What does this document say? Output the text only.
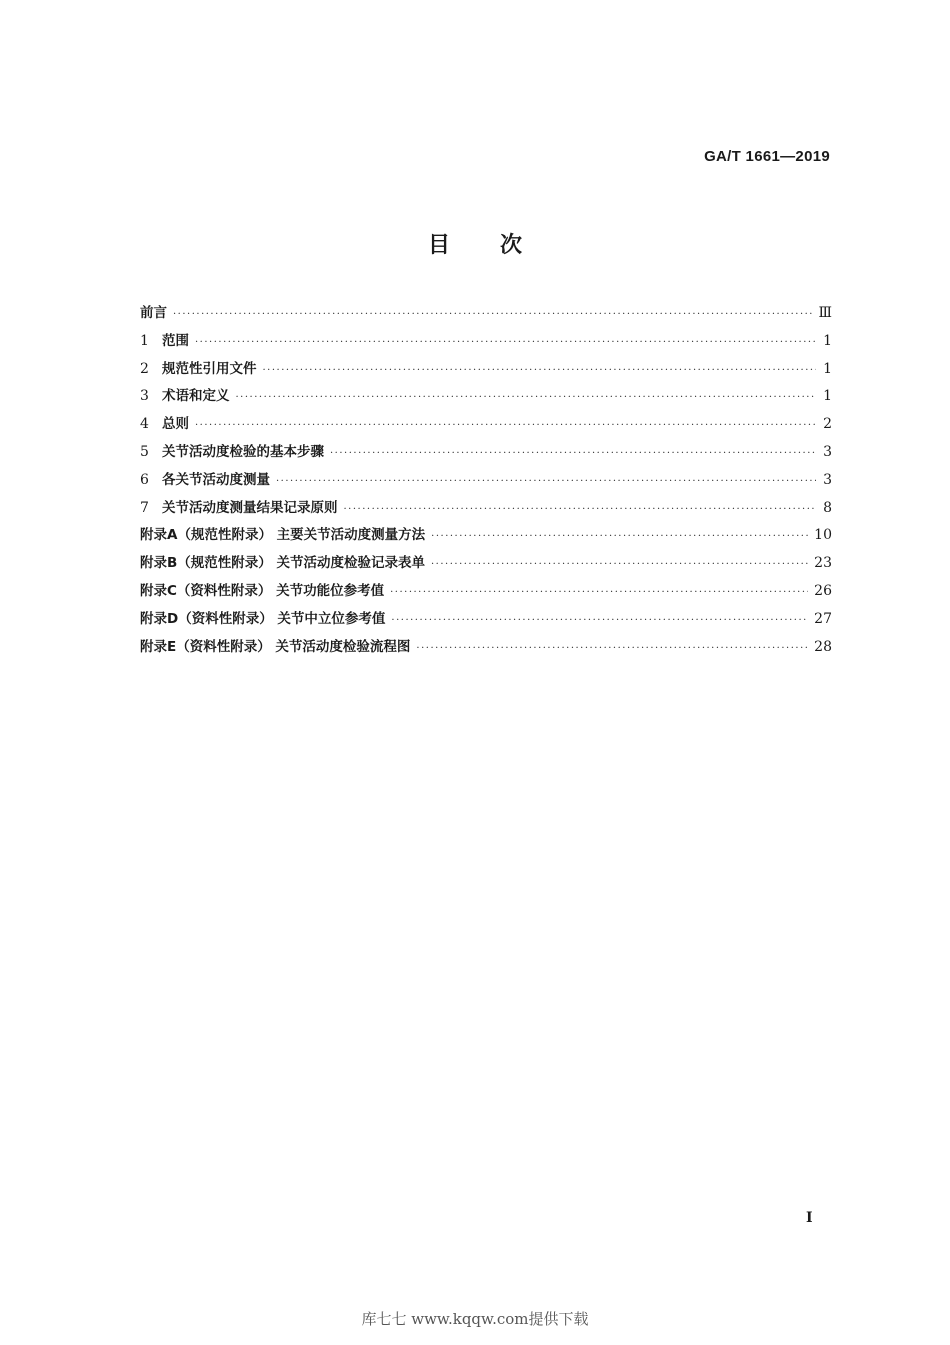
GA/T 1661—2019
目次
前言 ·····	Ⅲ
1 范围 ·····	1
2 规范性引用文件 ·····	1
3 术语和定义 ·····	1
4 总则 ·····	2
5 关节活动度检验的基本步骤 ·····	3
6 各关节活动度测量 ·····	3
7 关节活动度测量结果记录原则 ·····	8
附录A（规范性附录） 主要关节活动度测量方法 ·····	10
附录B（规范性附录） 关节活动度检验记录表单 ·····	23
附录C（资料性附录） 关节功能位参考值 ·····	26
附录D（资料性附录） 关节中立位参考值 ·····	27
附录E（资料性附录） 关节活动度检验流程图 ·····	28
I
库七七 www.kqqw.com提供下载
